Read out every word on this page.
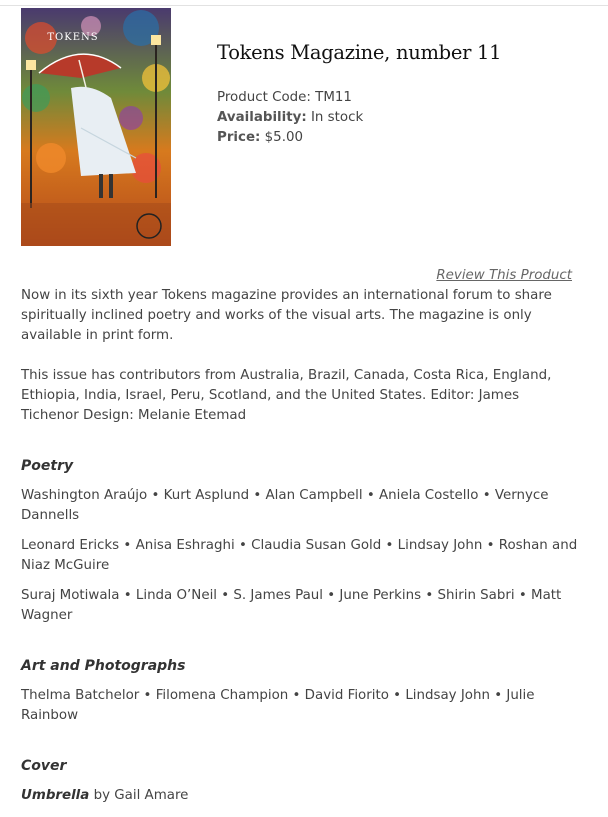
TOKENS
Tokens Magazine, number 11
Product Code: TM11
Availability: In stock
Price: $5.00
Review This Product

Now in its sixth year Tokens magazine provides an international forum to share spiritually inclined poetry and works of the visual arts. The magazine is only available in print form.

This issue has contributors from Australia, Brazil, Canada, Costa Rica, England, Ethiopia, India, Israel, Peru, Scotland, and the United States. Editor: James Tichenor Design: Melanie Etemad

Poetry

Washington Araújo • Kurt Asplund • Alan Campbell • Aniela Costello • Vernyce Dannells

Leonard Ericks • Anisa Eshraghi • Claudia Susan Gold • Lindsay John • Roshan and Niaz McGuire

Suraj Motiwala • Linda O’Neil • S. James Paul • June Perkins • Shirin Sabri • Matt Wagner

Art and Photographs

Thelma Batchelor • Filomena Champion • David Fiorito • Lindsay John • Julie Rainbow

Cover

Umbrella by Gail Amare
